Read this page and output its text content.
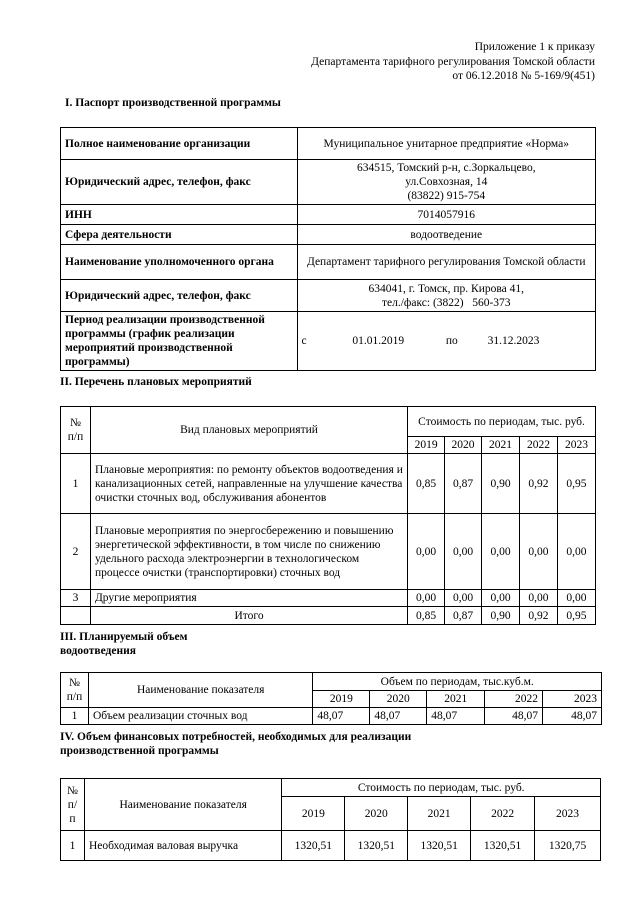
Приложение 1 к приказу
Департамента тарифного регулирования Томской области
от 06.12.2018 № 5-169/9(451)
I. Паспорт производственной программы
Полное наименование организации	Муниципальное унитарное предприятие «Норма»
Юридический адрес, телефон, факс	634515, Томский р-н, с.Зоркальцево,
ул.Совхозная, 14
(83822) 915-754

ИНН	7014057916
Сфера деятельности	водоотведение
Наименование уполномоченного органа	Департамент тарифного регулирования Томской области
Юридический адрес, телефон, факс	634041, г. Томск, пр. Кирова 41,
тел./факс: (3822)   560-373

Период реализации производственной программы (график реализации мероприятий производственной программы)	с 01.01.2019 по 31.12.2023
II. Перечень плановых мероприятий
№ п/п	Вид плановых мероприятий	Стоимость по периодам, тыс. руб.				
		2019	2020	2021	2022	2023
1	Плановые мероприятия: по ремонту объектов водоотведения и канализационных сетей, направленные на улучшение качества очистки сточных вод, обслуживания абонентов	0,85	0,87	0,90	0,92	0,95
2	Плановые мероприятия по энергосбережению и повышению энергетической эффективности, в том числе по снижению удельного расхода электроэнергии в технологическом процессе очистки (транспортировки) сточных вод	0,00	0,00	0,00	0,00	0,00
3	Другие мероприятия	0,00	0,00	0,00	0,00	0,00
	Итого	0,85	0,87	0,90	0,92	0,95
III. Планируемый объем
водоотведения
№ п/п	Наименование показателя	Объем по периодам, тыс.куб.м.				
		2019	2020	2021	2022	2023
1	Объем реализации сточных вод	48,07	48,07	48,07	48,07	48,07
IV. Объем финансовых потребностей, необходимых для реализации
производственной программы
№ п/ п	Наименование показателя	Стоимость по периодам, тыс. руб.				
		2019	2020	2021	2022	2023
1	Необходимая валовая выручка	1320,51	1320,51	1320,51	1320,51	1320,75
